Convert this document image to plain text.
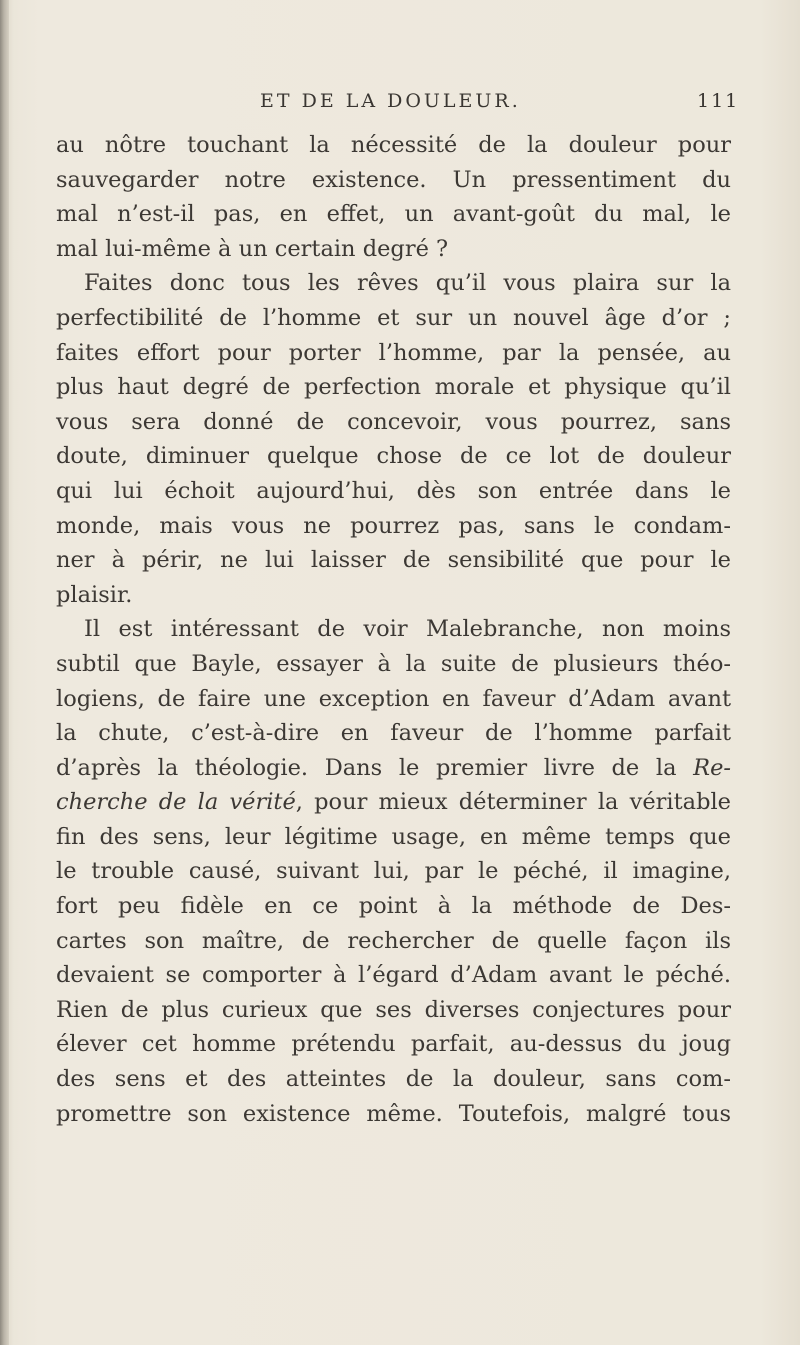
ET DE LA DOULEUR.	111
au nôtre touchant la nécessité de la douleur pour
sauvegarder notre existence. Un pressentiment du
mal n’est-il pas, en effet, un avant-goût du mal, le
mal lui-même à un certain degré ?
Faites donc tous les rêves qu’il vous plaira sur la
perfectibilité de l’homme et sur un nouvel âge d’or ;
faites effort pour porter l’homme, par la pensée, au
plus haut degré de perfection morale et physique qu’il
vous sera donné de concevoir, vous pourrez, sans
doute, diminuer quelque chose de ce lot de douleur
qui lui échoit aujourd’hui, dès son entrée dans le
monde, mais vous ne pourrez pas, sans le condam-
ner à périr, ne lui laisser de sensibilité que pour le
plaisir.
Il est intéressant de voir Malebranche, non moins
subtil que Bayle, essayer à la suite de plusieurs théo-
logiens, de faire une exception en faveur d’Adam avant
la chute, c’est-à-dire en faveur de l’homme parfait
d’après la théologie. Dans le premier livre de la Re-
cherche de la vérité, pour mieux déterminer la véritable
fin des sens, leur légitime usage, en même temps que
le trouble causé, suivant lui, par le péché, il imagine,
fort peu fidèle en ce point à la méthode de Des-
cartes son maître, de rechercher de quelle façon ils
devaient se comporter à l’égard d’Adam avant le péché.
Rien de plus curieux que ses diverses conjectures pour
élever cet homme prétendu parfait, au-dessus du joug
des sens et des atteintes de la douleur, sans com-
promettre son existence même. Toutefois, malgré tous
